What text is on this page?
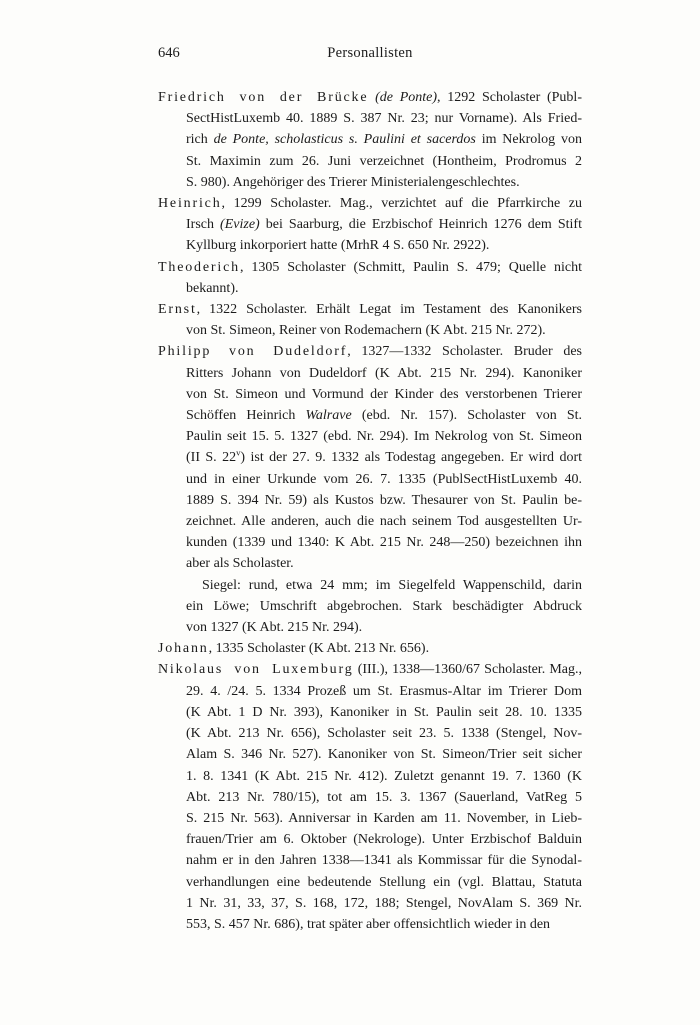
646	Personallisten
Friedrich von der Brücke (de Ponte), 1292 Scholaster (Publ-
SectHistLuxemb 40. 1889 S. 387 Nr. 23; nur Vorname). Als Fried-
rich de Ponte, scholasticus s. Paulini et sacerdos im Nekrolog von
St. Maximin zum 26. Juni verzeichnet (Hontheim, Prodromus 2
S. 980). Angehöriger des Trierer Ministerialengeschlechtes.
Heinrich, 1299 Scholaster. Mag., verzichtet auf die Pfarrkirche zu
Irsch (Evize) bei Saarburg, die Erzbischof Heinrich 1276 dem Stift
Kyllburg inkorporiert hatte (MrhR 4 S. 650 Nr. 2922).
Theoderich, 1305 Scholaster (Schmitt, Paulin S. 479; Quelle nicht
bekannt).
Ernst, 1322 Scholaster. Erhält Legat im Testament des Kanonikers
von St. Simeon, Reiner von Rodemachern (K Abt. 215 Nr. 272).
Philipp von Dudeldorf, 1327—1332 Scholaster. Bruder des
Ritters Johann von Dudeldorf (K Abt. 215 Nr. 294). Kanoniker
von St. Simeon und Vormund der Kinder des verstorbenen Trierer
Schöffen Heinrich Walrave (ebd. Nr. 157). Scholaster von St.
Paulin seit 15. 5. 1327 (ebd. Nr. 294). Im Nekrolog von St. Simeon
(II S. 22$^v$) ist der 27. 9. 1332 als Todestag angegeben. Er wird dort
und in einer Urkunde vom 26. 7. 1335 (PublSectHistLuxemb 40.
1889 S. 394 Nr. 59) als Kustos bzw. Thesaurer von St. Paulin be-
zeichnet. Alle anderen, auch die nach seinem Tod ausgestellten Ur-
kunden (1339 und 1340: K Abt. 215 Nr. 248—250) bezeichnen ihn
aber als Scholaster.
Siegel: rund, etwa 24 mm; im Siegelfeld Wappenschild, darin
ein Löwe; Umschrift abgebrochen. Stark beschädigter Abdruck
von 1327 (K Abt. 215 Nr. 294).
Johann, 1335 Scholaster (K Abt. 213 Nr. 656).
Nikolaus von Luxemburg (III.), 1338—1360/67 Scholaster. Mag.,
29. 4. /24. 5. 1334 Prozeß um St. Erasmus-Altar im Trierer Dom
(K Abt. 1 D Nr. 393), Kanoniker in St. Paulin seit 28. 10. 1335
(K Abt. 213 Nr. 656), Scholaster seit 23. 5. 1338 (Stengel, Nov-
Alam S. 346 Nr. 527). Kanoniker von St. Simeon/Trier seit sicher
1. 8. 1341 (K Abt. 215 Nr. 412). Zuletzt genannt 19. 7. 1360 (K
Abt. 213 Nr. 780/15), tot am 15. 3. 1367 (Sauerland, VatReg 5
S. 215 Nr. 563). Anniversar in Karden am 11. November, in Lieb-
frauen/Trier am 6. Oktober (Nekrologe). Unter Erzbischof Balduin
nahm er in den Jahren 1338—1341 als Kommissar für die Synodal-
verhandlungen eine bedeutende Stellung ein (vgl. Blattau, Statuta
1 Nr. 31, 33, 37, S. 168, 172, 188; Stengel, NovAlam S. 369 Nr.
553, S. 457 Nr. 686), trat später aber offensichtlich wieder in den
